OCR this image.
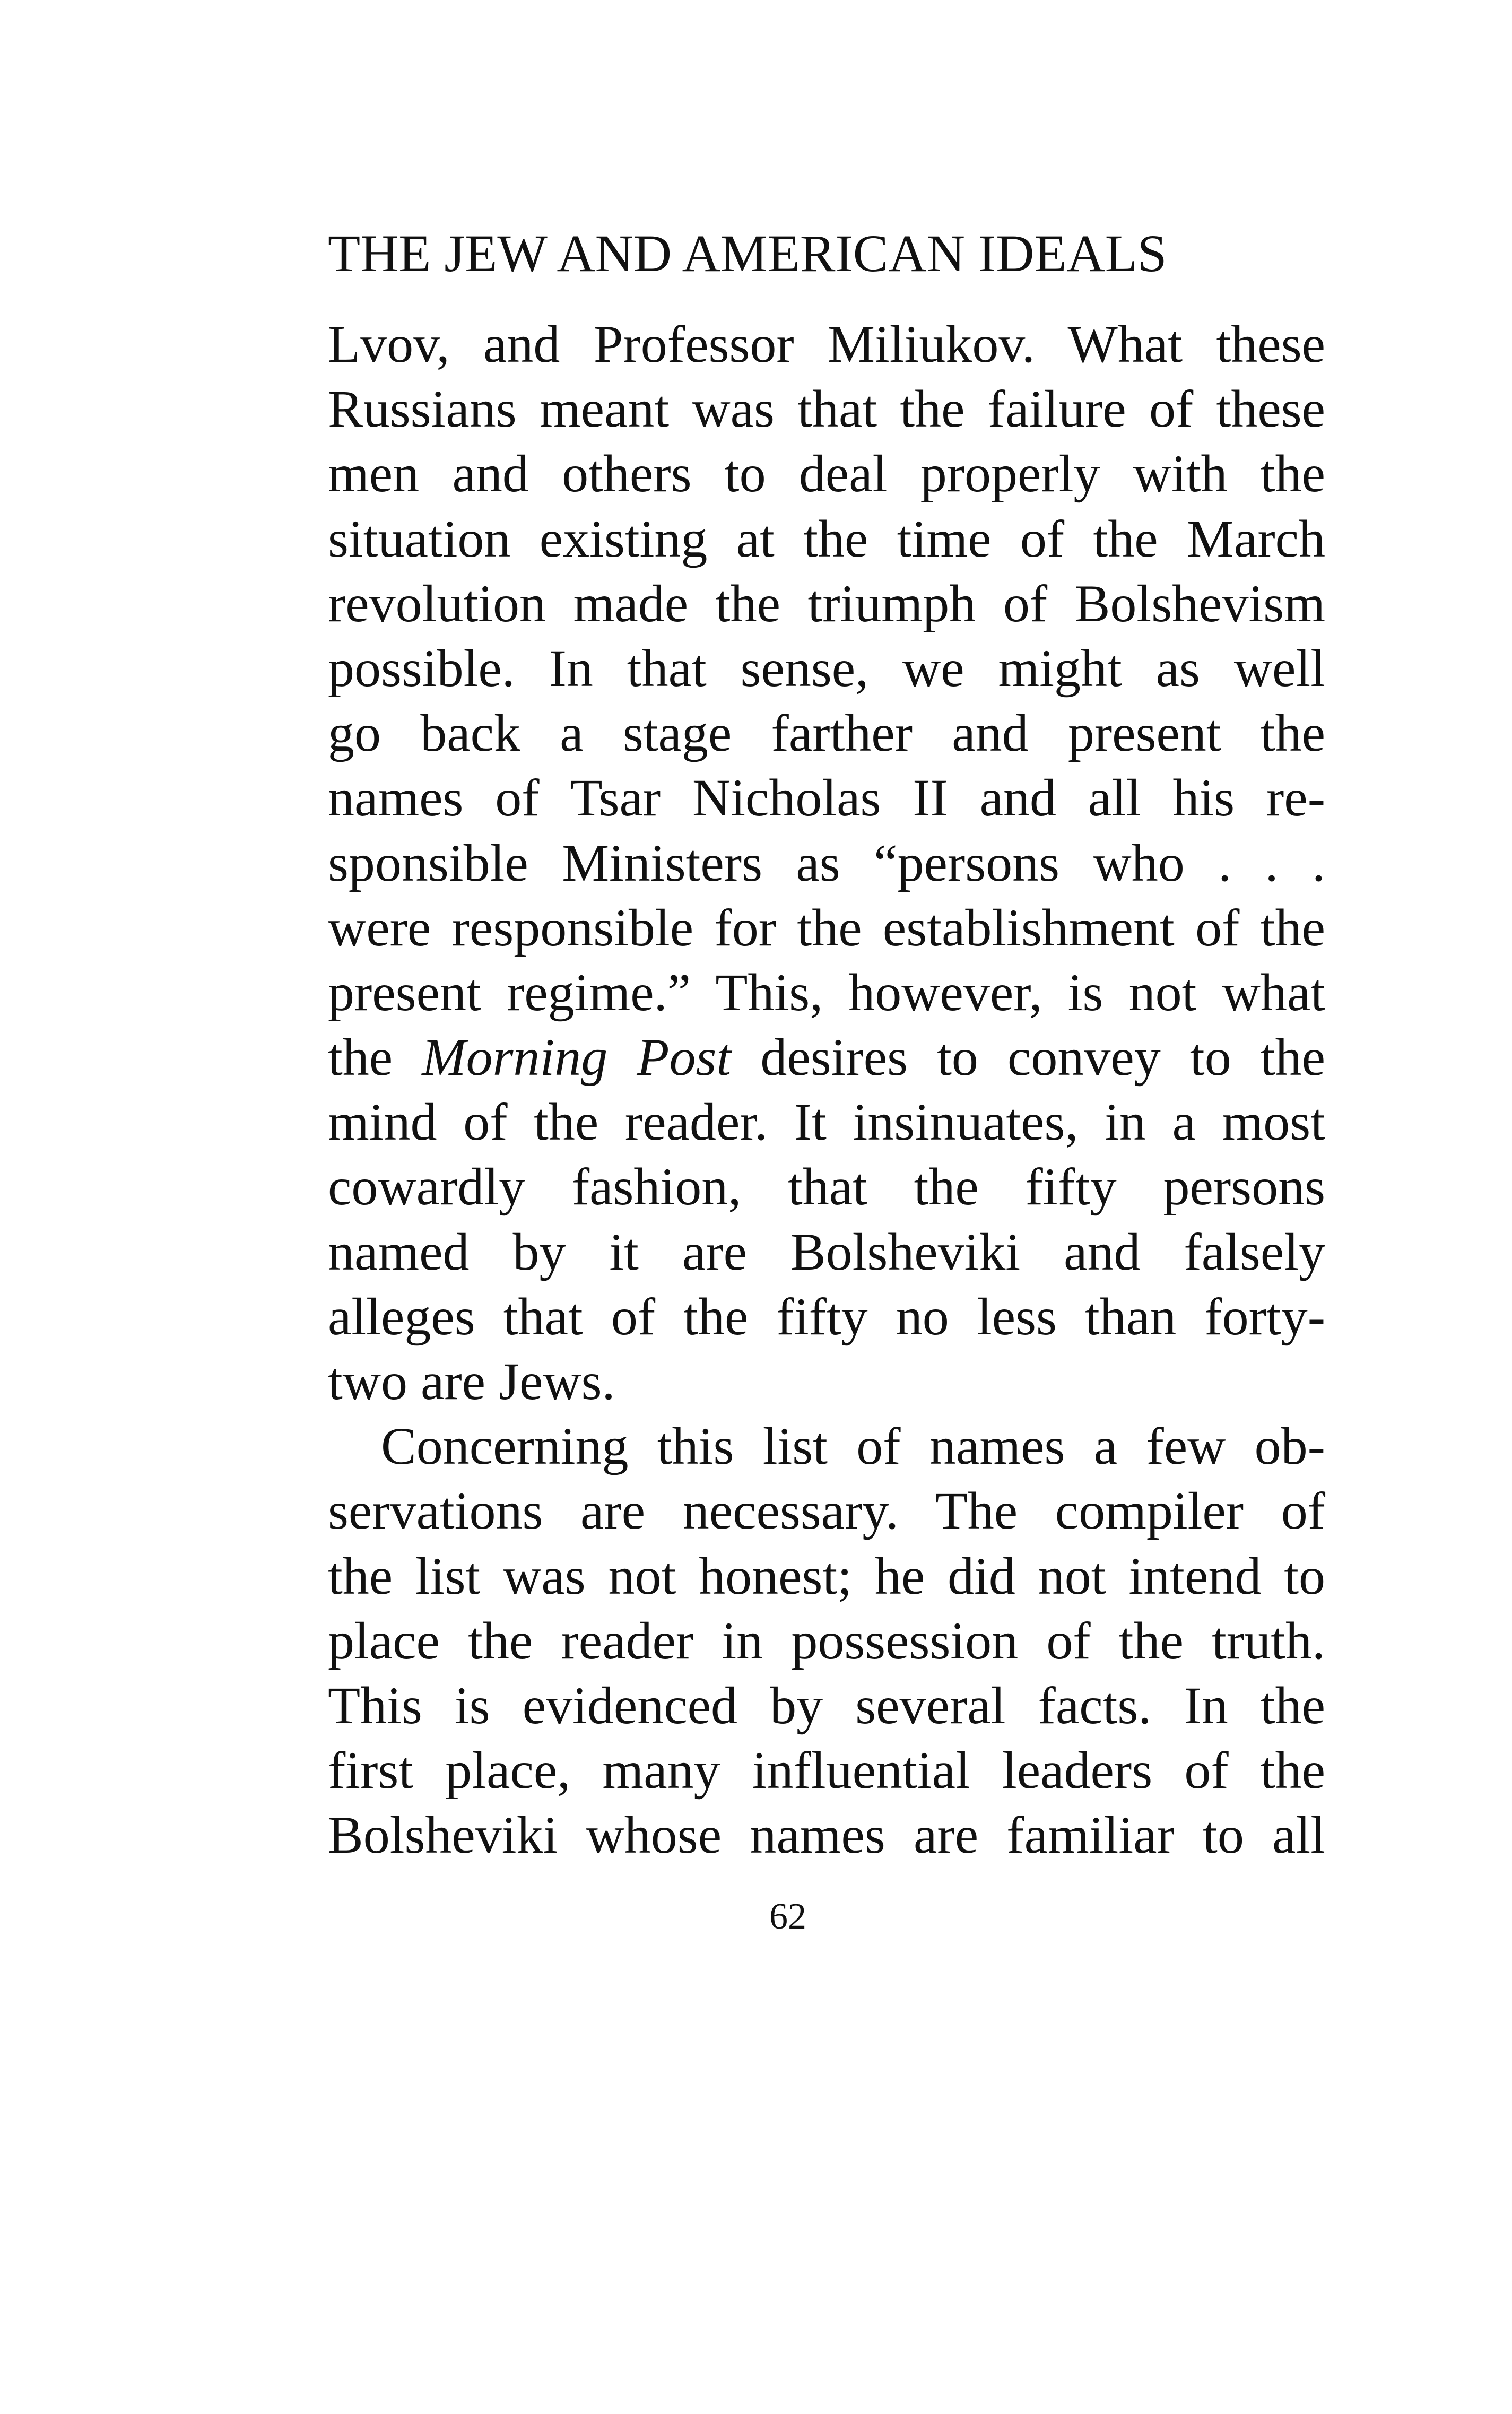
THE JEW AND AMERICAN IDEALS
Lvov, and Professor Miliukov. What these
Russians meant was that the failure of these
men and others to deal properly with the
situation existing at the time of the March
revolution made the triumph of Bolshevism
possible. In that sense, we might as well
go back a stage farther and present the
names of Tsar Nicholas II and all his re-
sponsible Ministers as “persons who . . .
were responsible for the establishment of the
present regime.” This, however, is not what
the Morning Post desires to convey to the
mind of the reader. It insinuates, in a most
cowardly fashion, that the fifty persons
named by it are Bolsheviki and falsely
alleges that of the fifty no less than forty-
two are Jews.
Concerning this list of names a few ob-
servations are necessary. The compiler of
the list was not honest; he did not intend to
place the reader in possession of the truth.
This is evidenced by several facts. In the
first place, many influential leaders of the
Bolsheviki whose names are familiar to all
62
